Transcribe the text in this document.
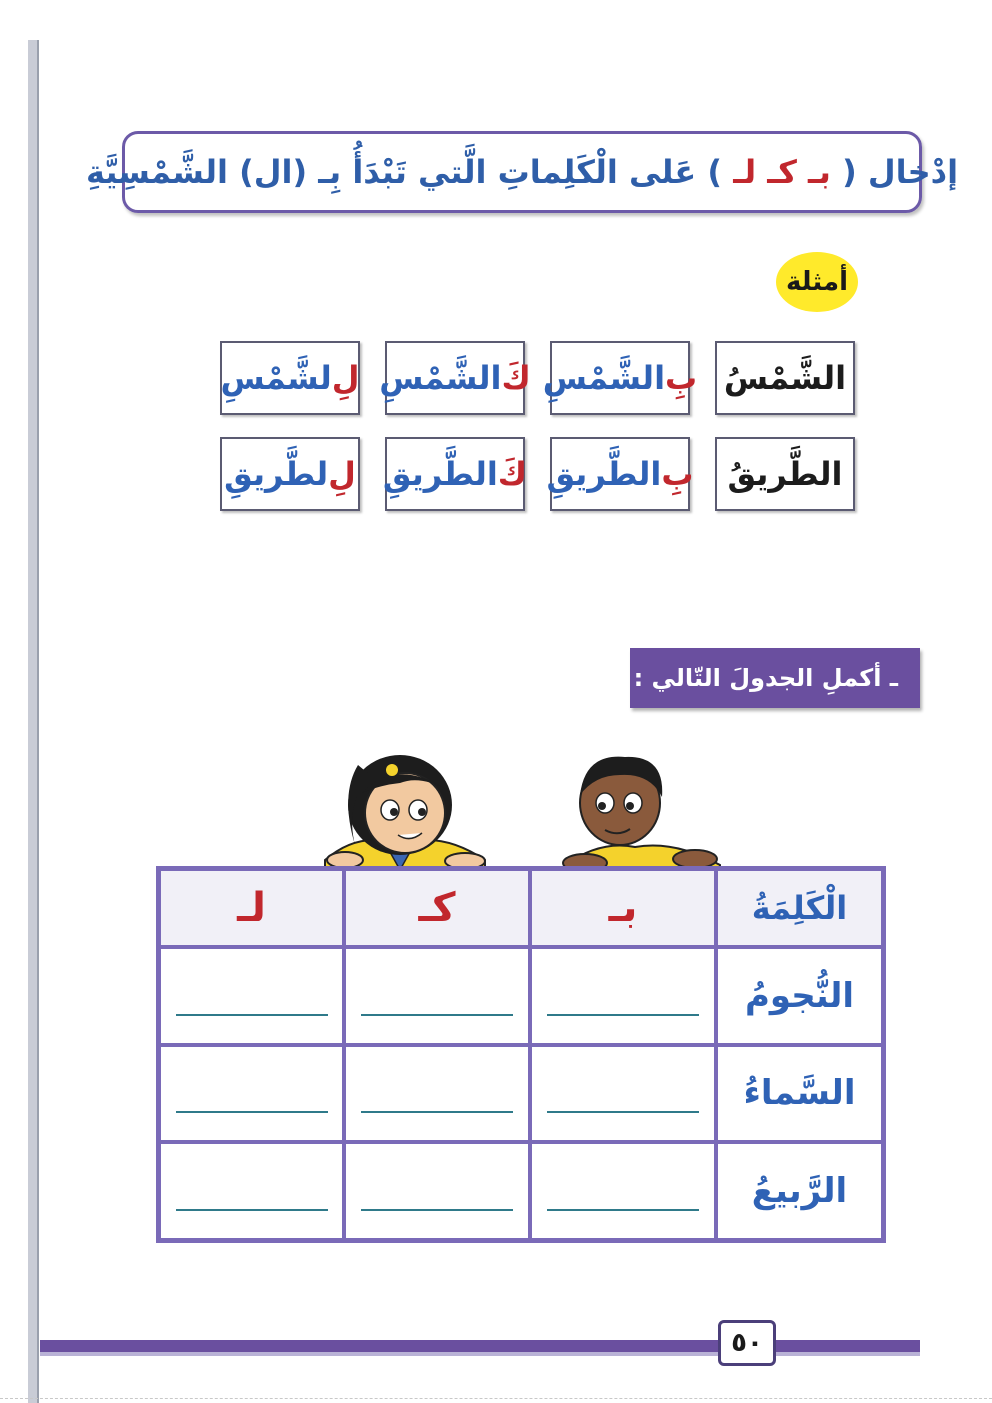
إدْخال ( بـ كـ لـ ) عَلى الْكَلِماتِ الَّتي تَبْدَأُ بِـ (ال) الشَّمْسِيَّةِ
أمثلة
الشَّمْسُ
بِ
الشَّمْسِ
كَ
الشَّمْسِ
لِ
لشَّمْسِ
الطَّريقُ
بِ
الطَّريقِ
كَ
الطَّريقِ
لِ
لطَّريقِ
ـ أكملِ الجدولَ التّالي :
لـ	كـ	بـ	الْكَلِمَةُ
النُّجومُ
السَّماءُ
الرَّبيعُ
٥٠
